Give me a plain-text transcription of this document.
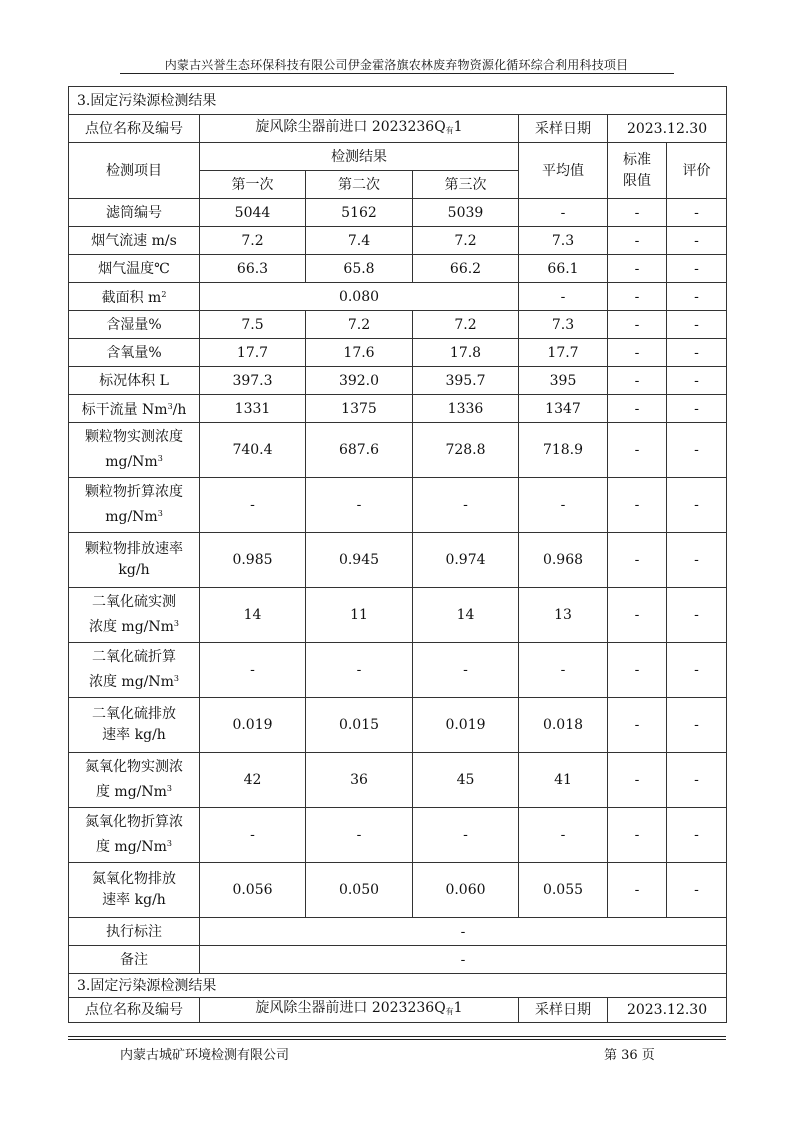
内蒙古兴誉生态环保科技有限公司伊金霍洛旗农林废弃物资源化循环综合利用科技项目
3.固定污染源检测结果						
点位名称及编号	旋风除尘器前进口 $2023236Q_有1$			采样日期	2023.12.30	
检测项目	检测结果			平均值	标准限值	评价
	第一次	第二次	第三次			
滤筒编号	5044	5162	5039	-	-	-
烟气流速 m/s	7.2	7.4	7.2	7.3	-	-
烟气温度℃	66.3	65.8	66.2	66.1	-	-
截面积 $m^2$	0.080			-	-	-
含湿量%	7.5	7.2	7.2	7.3	-	-
含氧量%	17.7	17.6	17.8	17.7	-	-
标况体积 L	397.3	392.0	395.7	395	-	-
标干流量 Nm$^3$/h	1331	1375	1336	1347	-	-
颗粒物实测浓度
mg/Nm$^3$	740.4	687.6	728.8	718.9	-	-
颗粒物折算浓度
mg/Nm$^3$	-	-	-	-	-	-
颗粒物排放速率
kg/h	0.985	0.945	0.974	0.968	-	-
二氧化硫实测
浓度 mg/Nm$^3$	14	11	14	13	-	-
二氧化硫折算
浓度 mg/Nm$^3$	-	-	-	-	-	-
二氧化硫排放
速率 kg/h	0.019	0.015	0.019	0.018	-	-
氮氧化物实测浓
度 mg/Nm$^3$	42	36	45	41	-	-
氮氧化物折算浓
度 mg/Nm$^3$	-	-	-	-	-	-
氮氧化物排放
速率 kg/h	0.056	0.050	0.060	0.055	-	-
执行标注	-					
备注	-					
3.固定污染源检测结果						
点位名称及编号	旋风除尘器前进口 $2023236Q_有1$			采样日期	2023.12.30	
内蒙古城矿环境检测有限公司	第 36 页
